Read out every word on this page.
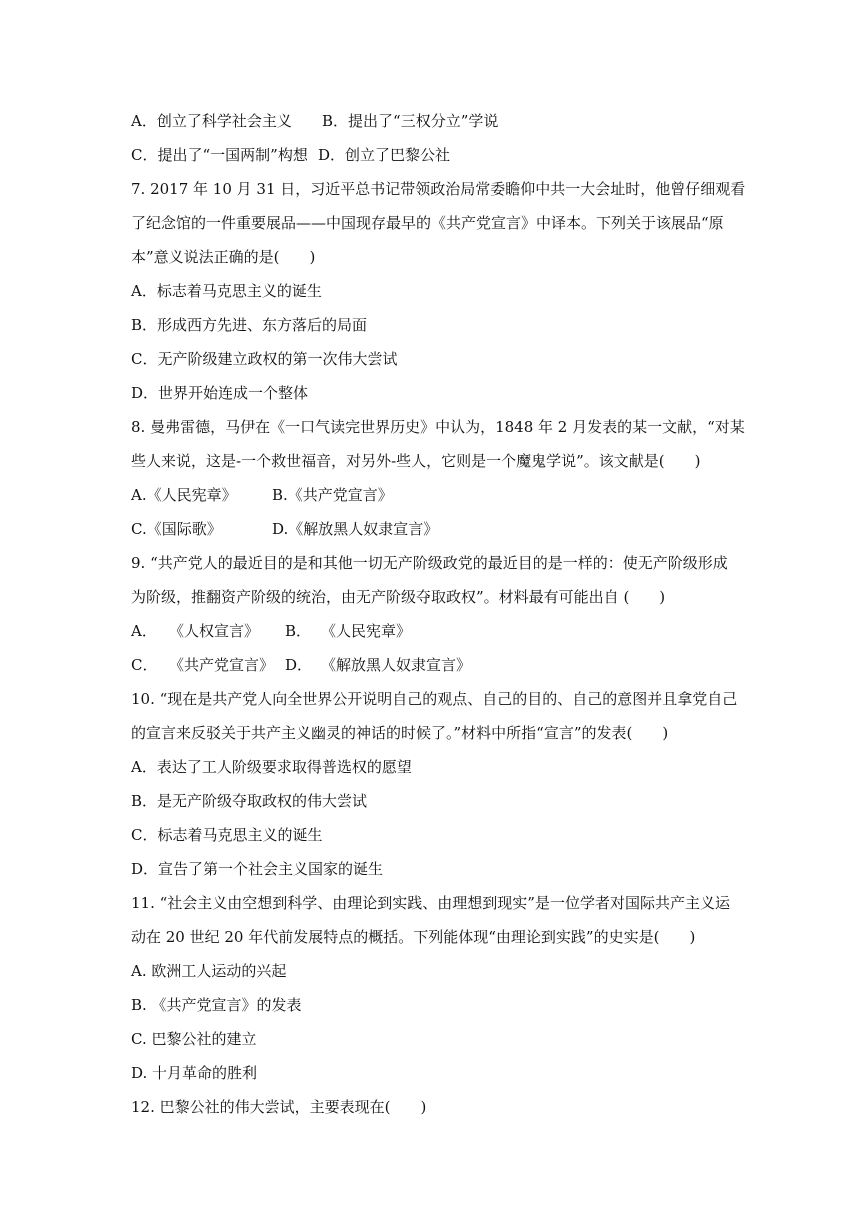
A．创立了科学社会主义 B．提出了“三权分立”学说
C．提出了“一国两制”构想 D．创立了巴黎公社
7. 2017 年 10 月 31 日，习近平总书记带领政治局常委瞻仰中共一大会址时，他曾仔细观看
了纪念馆的一件重要展品——中国现存最早的《共产党宣言》中译本。下列关于该展品“原
本”意义说法正确的是(　　)
A．标志着马克思主义的诞生
B．形成西方先进、东方落后的局面
C．无产阶级建立政权的第一次伟大尝试
D．世界开始连成一个整体
8. 曼弗雷德，马伊在《一口气读完世界历史》中认为，1848 年 2 月发表的某一文献，“对某
些人来说，这是-一个救世福音，对另外-些人，它则是一个魔鬼学说”。该文献是(　　)
A.《人民宪章》 B.《共产党宣言》
C.《国际歌》	D.《解放黑人奴隶宣言》
9. “共产党人的最近目的是和其他一切无产阶级政党的最近目的是一样的：使无产阶级形成
为阶级，推翻资产阶级的统治，由无产阶级夺取政权”。材料最有可能出自 (　　)
A． 《人权宣言》 B． 《人民宪章》
C． 《共产党宣言》 D． 《解放黑人奴隶宣言》
10. “现在是共产党人向全世界公开说明自己的观点、自己的目的、自己的意图并且拿党自己
的宣言来反驳关于共产主义幽灵的神话的时候了。”材料中所指“宣言”的发表(　　)
A．表达了工人阶级要求取得普选权的愿望
B．是无产阶级夺取政权的伟大尝试
C．标志着马克思主义的诞生
D．宣告了第一个社会主义国家的诞生
11. “社会主义由空想到科学、由理论到实践、由理想到现实”是一位学者对国际共产主义运
动在 20 世纪 20 年代前发展特点的概括。下列能体现“由理论到实践”的史实是(　　)
A. 欧洲工人运动的兴起
B. 《共产党宣言》的发表
C. 巴黎公社的建立
D. 十月革命的胜利
12. 巴黎公社的伟大尝试，主要表现在(　　)
